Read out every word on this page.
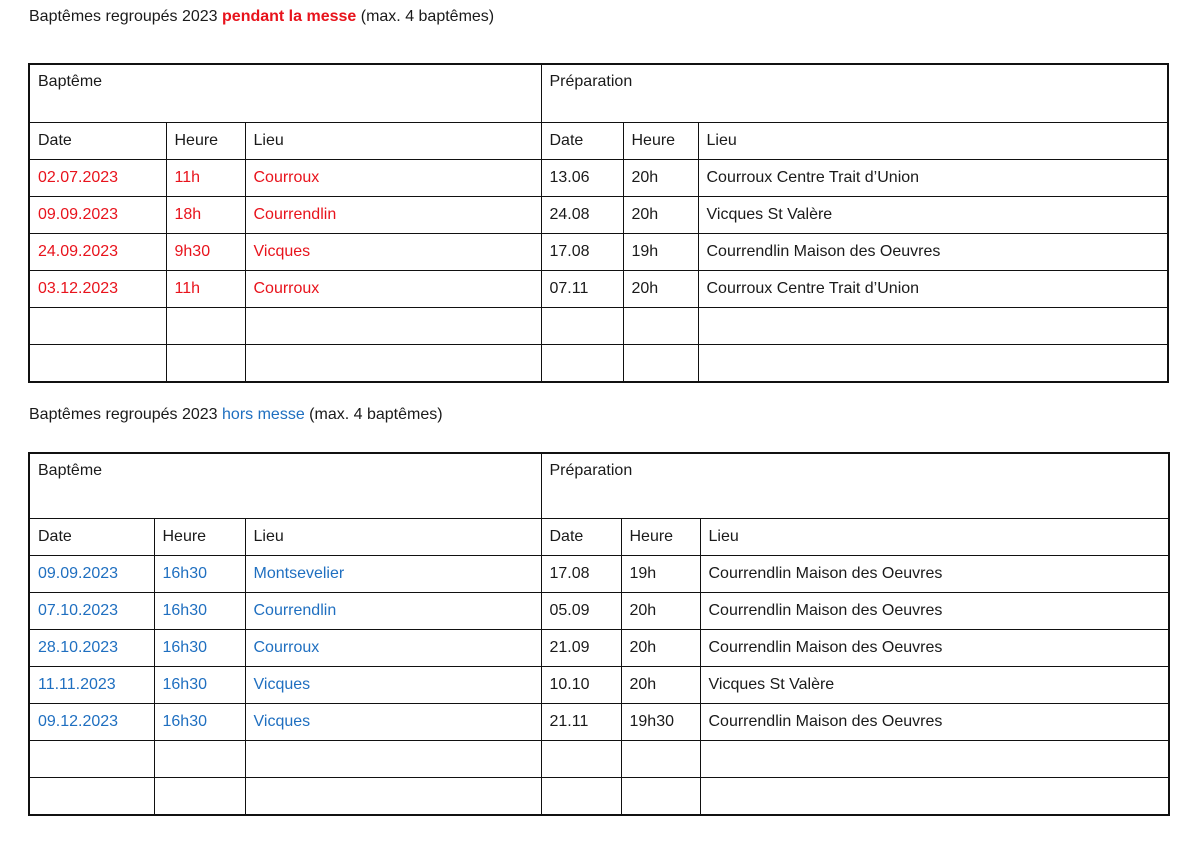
Baptêmes regroupés 2023 pendant la messe (max. 4 baptêmes)
Baptême			Préparation		
Date	Heure	Lieu	Date	Heure	Lieu
02.07.2023	11h	Courroux	13.06	20h	Courroux Centre Trait d’Union
09.09.2023	18h	Courrendlin	24.08	20h	Vicques St Valère
24.09.2023	9h30	Vicques	17.08	19h	Courrendlin Maison des Oeuvres
03.12.2023	11h	Courroux	07.11	20h	Courroux Centre Trait d’Union

Baptêmes regroupés 2023 hors messe (max. 4 baptêmes)
Baptême			Préparation		
Date	Heure	Lieu	Date	Heure	Lieu
09.09.2023	16h30	Montsevelier	17.08	19h	Courrendlin Maison des Oeuvres
07.10.2023	16h30	Courrendlin	05.09	20h	Courrendlin Maison des Oeuvres
28.10.2023	16h30	Courroux	21.09	20h	Courrendlin Maison des Oeuvres
11.11.2023	16h30	Vicques	10.10	20h	Vicques St Valère
09.12.2023	16h30	Vicques	21.11	19h30	Courrendlin Maison des Oeuvres
